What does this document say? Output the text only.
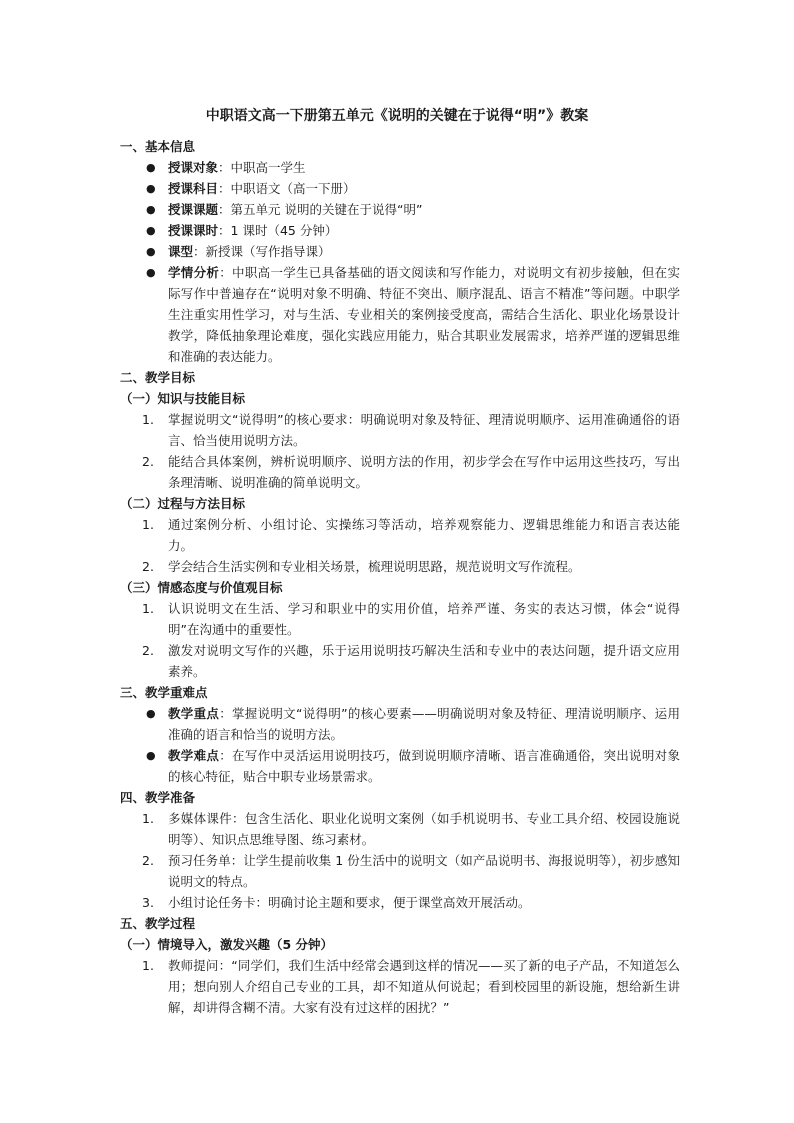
中职语文高一下册第五单元《说明的关键在于说得“明”》教案
一、基本信息
● 授课对象：中职高一学生
● 授课科目：中职语文（高一下册）
● 授课课题：第五单元 说明的关键在于说得“明”
● 授课课时：1 课时（45 分钟）
● 课型：新授课（写作指导课）
● 学情分析：中职高一学生已具备基础的语文阅读和写作能力，对说明文有初步接触，但在实际写作中普遍存在“说明对象不明确、特征不突出、顺序混乱、语言不精准”等问题。中职学生注重实用性学习，对与生活、专业相关的案例接受度高，需结合生活化、职业化场景设计教学，降低抽象理论难度，强化实践应用能力，贴合其职业发展需求，培养严谨的逻辑思维和准确的表达能力。
二、教学目标
（一）知识与技能目标
1.	掌握说明文“说得明”的核心要求：明确说明对象及特征、理清说明顺序、运用准确通俗的语言、恰当使用说明方法。
2.	能结合具体案例，辨析说明顺序、说明方法的作用，初步学会在写作中运用这些技巧，写出条理清晰、说明准确的简单说明文。
（二）过程与方法目标
1.	通过案例分析、小组讨论、实操练习等活动，培养观察能力、逻辑思维能力和语言表达能力。
2.	学会结合生活实例和专业相关场景，梳理说明思路，规范说明文写作流程。
（三）情感态度与价值观目标
1.	认识说明文在生活、学习和职业中的实用价值，培养严谨、务实的表达习惯，体会“说得明”在沟通中的重要性。
2.	激发对说明文写作的兴趣，乐于运用说明技巧解决生活和专业中的表达问题，提升语文应用素养。
三、教学重难点
● 教学重点：掌握说明文“说得明”的核心要素——明确说明对象及特征、理清说明顺序、运用准确的语言和恰当的说明方法。
● 教学难点：在写作中灵活运用说明技巧，做到说明顺序清晰、语言准确通俗，突出说明对象的核心特征，贴合中职专业场景需求。
四、教学准备
1.	多媒体课件：包含生活化、职业化说明文案例（如手机说明书、专业工具介绍、校园设施说明等）、知识点思维导图、练习素材。
2.	预习任务单：让学生提前收集 1 份生活中的说明文（如产品说明书、海报说明等），初步感知说明文的特点。
3.	小组讨论任务卡：明确讨论主题和要求，便于课堂高效开展活动。
五、教学过程
（一）情境导入，激发兴趣（5 分钟）
1.	教师提问：“同学们，我们生活中经常会遇到这样的情况——买了新的电子产品，不知道怎么用；想向别人介绍自己专业的工具，却不知道从何说起；看到校园里的新设施，想给新生讲解，却讲得含糊不清。大家有没有过这样的困扰？”
